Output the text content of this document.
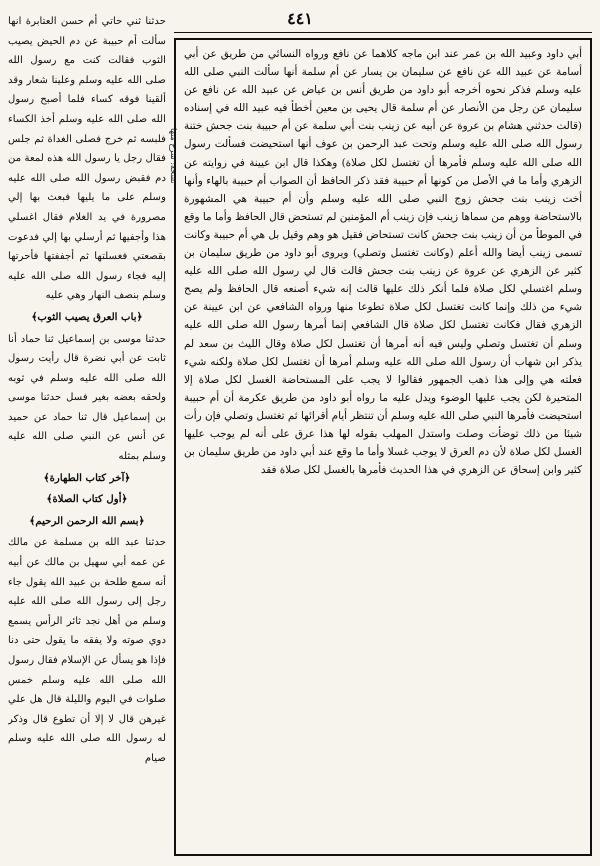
٤٤١

حدثنا ثني حاتي أم حسن العتابرة انها سألت أم حبيبة عن دم الحيض يصيب الثوب فقالت كنت مع رسول الله صلى الله عليه وسلم وعلينا شعار وقد ألقينا فوقه كساء فلما أصبح رسول الله صلى الله عليه وسلم أخذ الكساء فلبسه ثم خرج فصلى الغداة ثم جلس فقال رجل يا رسول الله هذه لمعة من دم فقبض رسول الله صلى الله عليه وسلم على ما يليها فبعث بها إلي مصرورة في يد الغلام فقال اغسلي هذا وأجفيها ثم أرسلي بها إلي فدعوت بقصعتي فغسلتها ثم أجففتها فأحرتها إليه فجاء رسول الله صلى الله عليه وسلم بنصف النهار وهي عليه

﴿باب العرق يصيب الثوب﴾

حدثنا موسى بن إسماعيل ثنا حماد أنا ثابت عن أبي نضرة قال رأيت رسول الله صلى الله عليه وسلم في ثوبه ولحقه بعضه بغير فسل حدثنا موسى بن إسماعيل قال ثنا حماد عن حميد عن أنس عن النبي صلى الله عليه وسلم بمثله

﴿آخر كتاب الطهارة﴾
﴿أول كتاب الصلاة﴾
﴿بسم الله الرحمن الرحيم﴾

حدثنا عبد الله بن مسلمة عن مالك عن عمه أبي سهيل بن مالك عن أبيه أنه سمع طلحة بن عبيد الله يقول جاء رجل إلى رسول الله صلى الله عليه وسلم من أهل نجد ثائر الرأس يسمع دوي صوته ولا يفقه ما يقول حتى دنا فإذا هو يسأل عن الإسلام فقال رسول الله صلى الله عليه وسلم خمس صلوات في اليوم والليلة قال هل علي غيرهن قال لا إلا أن تطوع قال وذكر له رسول الله صلى الله عليه وسلم صيام

نسخة: شرح منها

أبي داود وعبيد الله بن عمر عند ابن ماجه كلاهما عن نافع ورواه النسائي من طريق عن أبي أسامة عن عبيد الله عن نافع عن سليمان بن يسار عن أم سلمة أنها سألت النبي صلى الله عليه وسلم فذكر نحوه أخرجه أبو داود من طريق أنس بن عياض عن عبيد الله عن نافع عن سليمان عن رجل من الأنصار عن أم سلمة قال يحيى بن معين أخطأ فيه عبيد الله في إسناده (قالت حدثني هشام بن عروة عن أبيه عن زينب بنت أبي سلمة عن أم حبيبة بنت جحش ختنة رسول الله صلى الله عليه وسلم وتحت عبد الرحمن بن عوف أنها استحيضت فسألت رسول الله صلى الله عليه وسلم فأمرها أن تغتسل لكل صلاة) وهكذا قال ابن عيينة في روايته عن الزهري وأما ما في الأصل من كونها أم حبيبة فقد ذكر الحافظ أن الصواب أم حبيبة بالهاء وأنها أخت زينب بنت جحش زوج النبي صلى الله عليه وسلم وأن أم حبيبة هي المشهورة بالاستحاضة ووهم من سماها زينب فإن زينب أم المؤمنين لم تستحض قال الحافظ وأما ما وقع في الموطأ من أن زينب بنت جحش كانت تستحاض فقيل هو وهم وقيل بل هي أم حبيبة وكانت تسمى زينب أيضا والله أعلم (وكانت تغتسل وتصلي) ويروى أبو داود من طريق سليمان بن كثير عن الزهري عن عروة عن زينب بنت جحش قالت قال لي رسول الله صلى الله عليه وسلم اغتسلي لكل صلاة فلما أنكر ذلك عليها قالت إنه شيء أصنعه قال الحافظ ولم يصح شيء من ذلك وإنما كانت تغتسل لكل صلاة تطوعا منها ورواه الشافعي عن ابن عيينة عن الزهري فقال فكانت تغتسل لكل صلاة قال الشافعي إنما أمرها رسول الله صلى الله عليه وسلم أن تغتسل وتصلي وليس فيه أنه أمرها أن تغتسل لكل صلاة وقال الليث بن سعد لم يذكر ابن شهاب أن رسول الله صلى الله عليه وسلم أمرها أن تغتسل لكل صلاة ولكنه شيء فعلته هي وإلى هذا ذهب الجمهور فقالوا لا يجب على المستحاضة الغسل لكل صلاة إلا المتحيرة لكن يجب عليها الوضوء ويدل عليه ما رواه أبو داود من طريق عكرمة أن أم حبيبة استحيضت فأمرها النبي صلى الله عليه وسلم أن تنتظر أيام أقرائها ثم تغتسل وتصلي فإن رأت شيئا من ذلك توضأت وصلت واستدل المهلب بقوله لها هذا عرق على أنه لم يوجب عليها الغسل لكل صلاة لأن دم العرق لا يوجب غسلا وأما ما وقع عند أبي داود من طريق سليمان بن كثير وابن إسحاق عن الزهري في هذا الحديث فأمرها بالغسل لكل صلاة فقد
